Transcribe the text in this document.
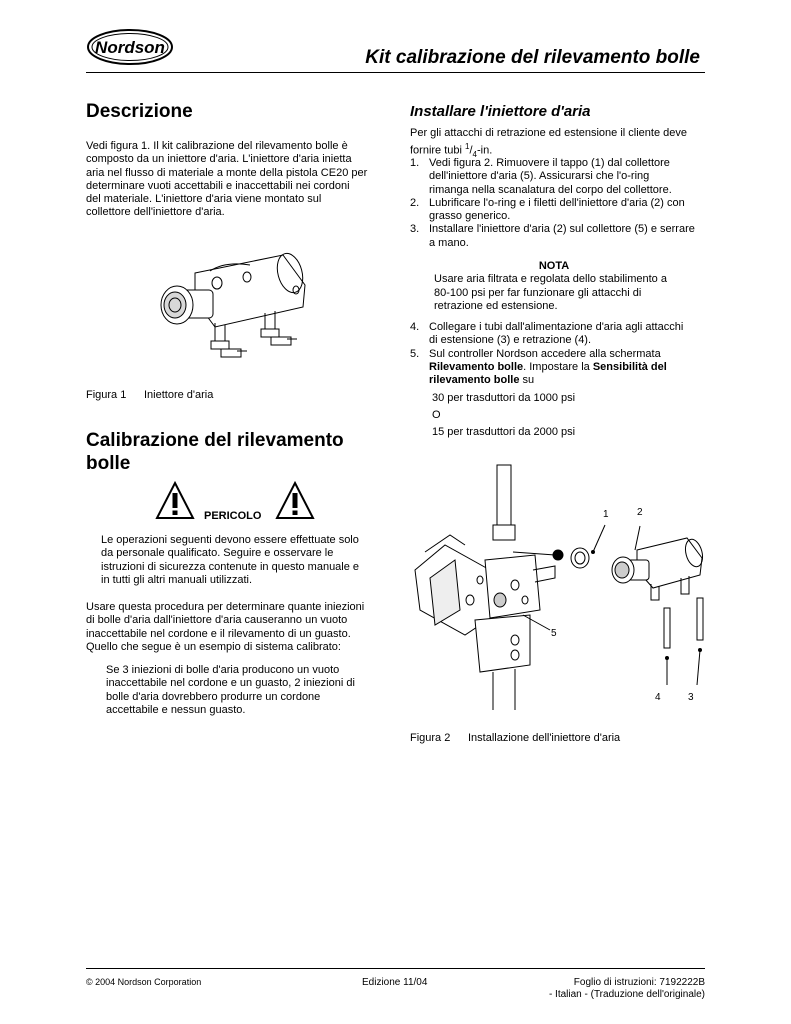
Nordson	Kit calibrazione del rilevamento bolle
Descrizione
Vedi figura 1. Il kit calibrazione del rilevamento bolle è
composto da un iniettore d'aria. L'iniettore d'aria inietta
aria nel flusso di materiale a monte della pistola CE20 per
determinare vuoti accettabili e inaccettabili nei cordoni
del materiale. L'iniettore d'aria viene montato sul
collettore dell'iniettore d'aria.
Figura 1 Iniettore d'aria
Calibrazione del rilevamento
bolle
PERICOLO
Le operazioni seguenti devono essere effettuate solo
da personale qualificato. Seguire e osservare le
istruzioni di sicurezza contenute in questo manuale e
in tutti gli altri manuali utilizzati.
Usare questa procedura per determinare quante iniezioni
di bolle d'aria dall'iniettore d'aria causeranno un vuoto
inaccettabile nel cordone e il rilevamento di un guasto.
Quello che segue è un esempio di sistema calibrato:
Se 3 iniezioni di bolle d'aria producono un vuoto
inaccettabile nel cordone e un guasto, 2 iniezioni di
bolle d'aria dovrebbero produrre un cordone
accettabile e nessun guasto.
Installare l'iniettore d'aria
Per gli attacchi di retrazione ed estensione il cliente deve
fornire tubi $^1/_4-in$.
1. Vedi figura 2. Rimuovere il tappo (1) dal collettore
dell'iniettore d'aria (5). Assicurarsi che l'o-ring
rimanga nella scanalatura del corpo del collettore.
2. Lubrificare l'o-ring e i filetti dell'iniettore d'aria (2) con
grasso generico.
3. Installare l'iniettore d'aria (2) sul collettore (5) e serrare
a mano.
NOTA
Usare aria filtrata e regolata dello stabilimento a
80-100 psi per far funzionare gli attacchi di
retrazione ed estensione.
4. Collegare i tubi dall'alimentazione d'aria agli attacchi
di estensione (3) e retrazione (4).
5. Sul controller Nordson accedere alla schermata
Rilevamento bolle. Impostare la Sensibilità del
rilevamento bolle su
30 per trasduttori da 1000 psi
O
15 per trasduttori da 2000 psi
1	2
3
4
5
Figura 2 Installazione dell'iniettore d'aria
© 2004 Nordson Corporation	Edizione 11/04	Foglio di istruzioni: 7192222B
- Italian - (Traduzione dell'originale)
